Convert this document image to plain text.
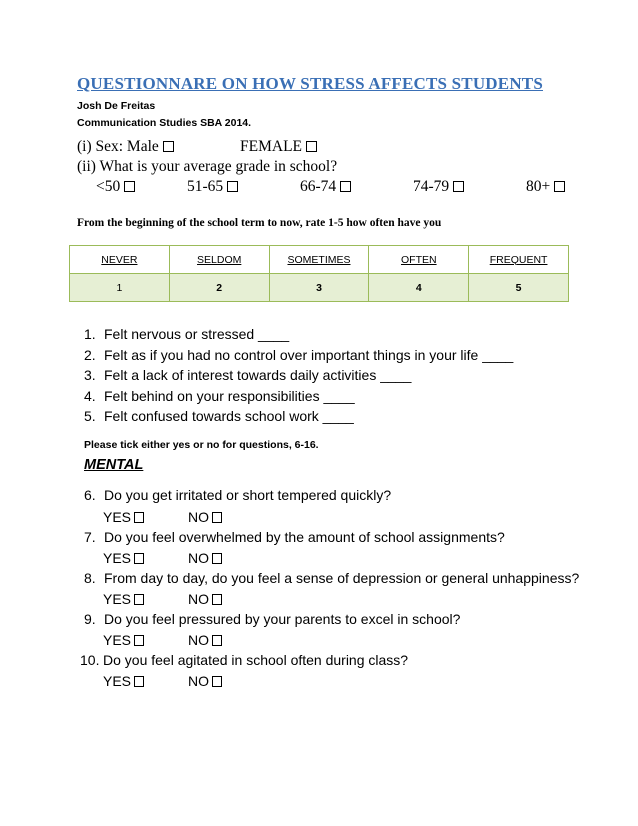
QUESTIONNARE ON HOW STRESS AFFECTS STUDENTS
Josh De Freitas
Communication Studies SBA 2014.
(i) Sex: Male	FEMALE
(ii) What is your average grade in school?
<50	51-65	66-74	74-79	80+
From the beginning of the school term to now, rate 1-5 how often have you
NEVER	SELDOM	SOMETIMES	OFTEN	FREQUENT
1	2	3	4	5
1. Felt nervous or stressed ____
2. Felt as if you had no control over important things in your life ____
3. Felt a lack of interest towards daily activities ____
4. Felt behind on your responsibilities ____
5. Felt confused towards school work ____
Please tick either yes or no for questions, 6-16.
MENTAL
6. Do you get irritated or short tempered quickly?
YES	NO
7. Do you feel overwhelmed by the amount of school assignments?
YES	NO
8. From day to day, do you feel a sense of depression or general unhappiness?
YES	NO
9. Do you feel pressured by your parents to excel in school?
YES	NO
10. Do you feel agitated in school often during class?
YES	NO
